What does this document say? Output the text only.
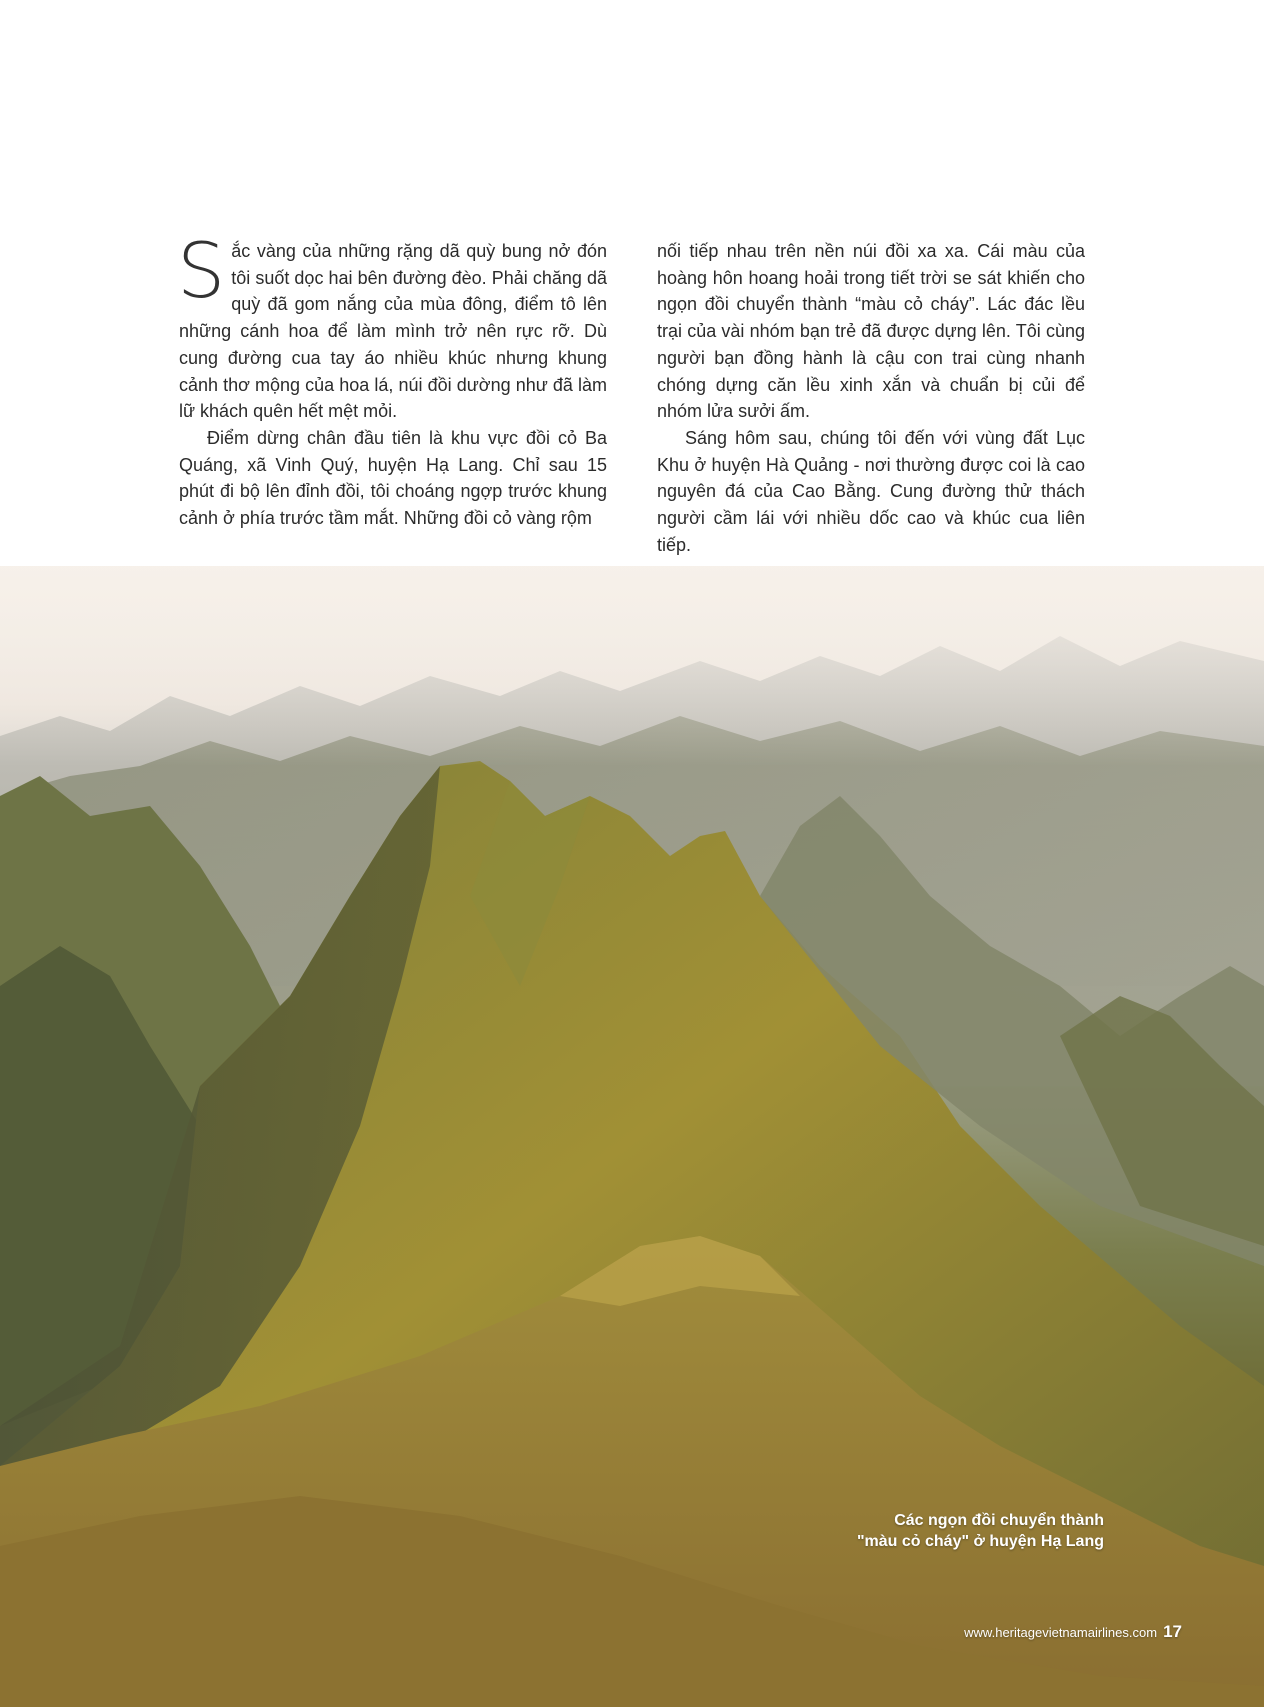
Sắc vàng của những rặng dã quỳ bung nở đón tôi suốt dọc hai bên đường đèo. Phải chăng dã quỳ đã gom nắng của mùa đông, điểm tô lên những cánh hoa để làm mình trở nên rực rỡ. Dù cung đường cua tay áo nhiều khúc nhưng khung cảnh thơ mộng của hoa lá, núi đồi dường như đã làm lữ khách quên hết mệt mỏi.

Điểm dừng chân đầu tiên là khu vực đồi cỏ Ba Quáng, xã Vinh Quý, huyện Hạ Lang. Chỉ sau 15 phút đi bộ lên đỉnh đồi, tôi choáng ngợp trước khung cảnh ở phía trước tầm mắt. Những đồi cỏ vàng rộm

nối tiếp nhau trên nền núi đồi xa xa. Cái màu của hoàng hôn hoang hoải trong tiết trời se sát khiến cho ngọn đồi chuyển thành “màu cỏ cháy”. Lác đác lều trại của vài nhóm bạn trẻ đã được dựng lên. Tôi cùng người bạn đồng hành là cậu con trai cùng nhanh chóng dựng căn lều xinh xắn và chuẩn bị củi để nhóm lửa sưởi ấm.

Sáng hôm sau, chúng tôi đến với vùng đất Lục Khu ở huyện Hà Quảng - nơi thường được coi là cao nguyên đá của Cao Bằng. Cung đường thử thách người cầm lái với nhiều dốc cao và khúc cua liên tiếp.

Các ngọn đồi chuyển thành
"màu cỏ cháy" ở huyện Hạ Lang
www.heritagevietnamairlines.com 17
